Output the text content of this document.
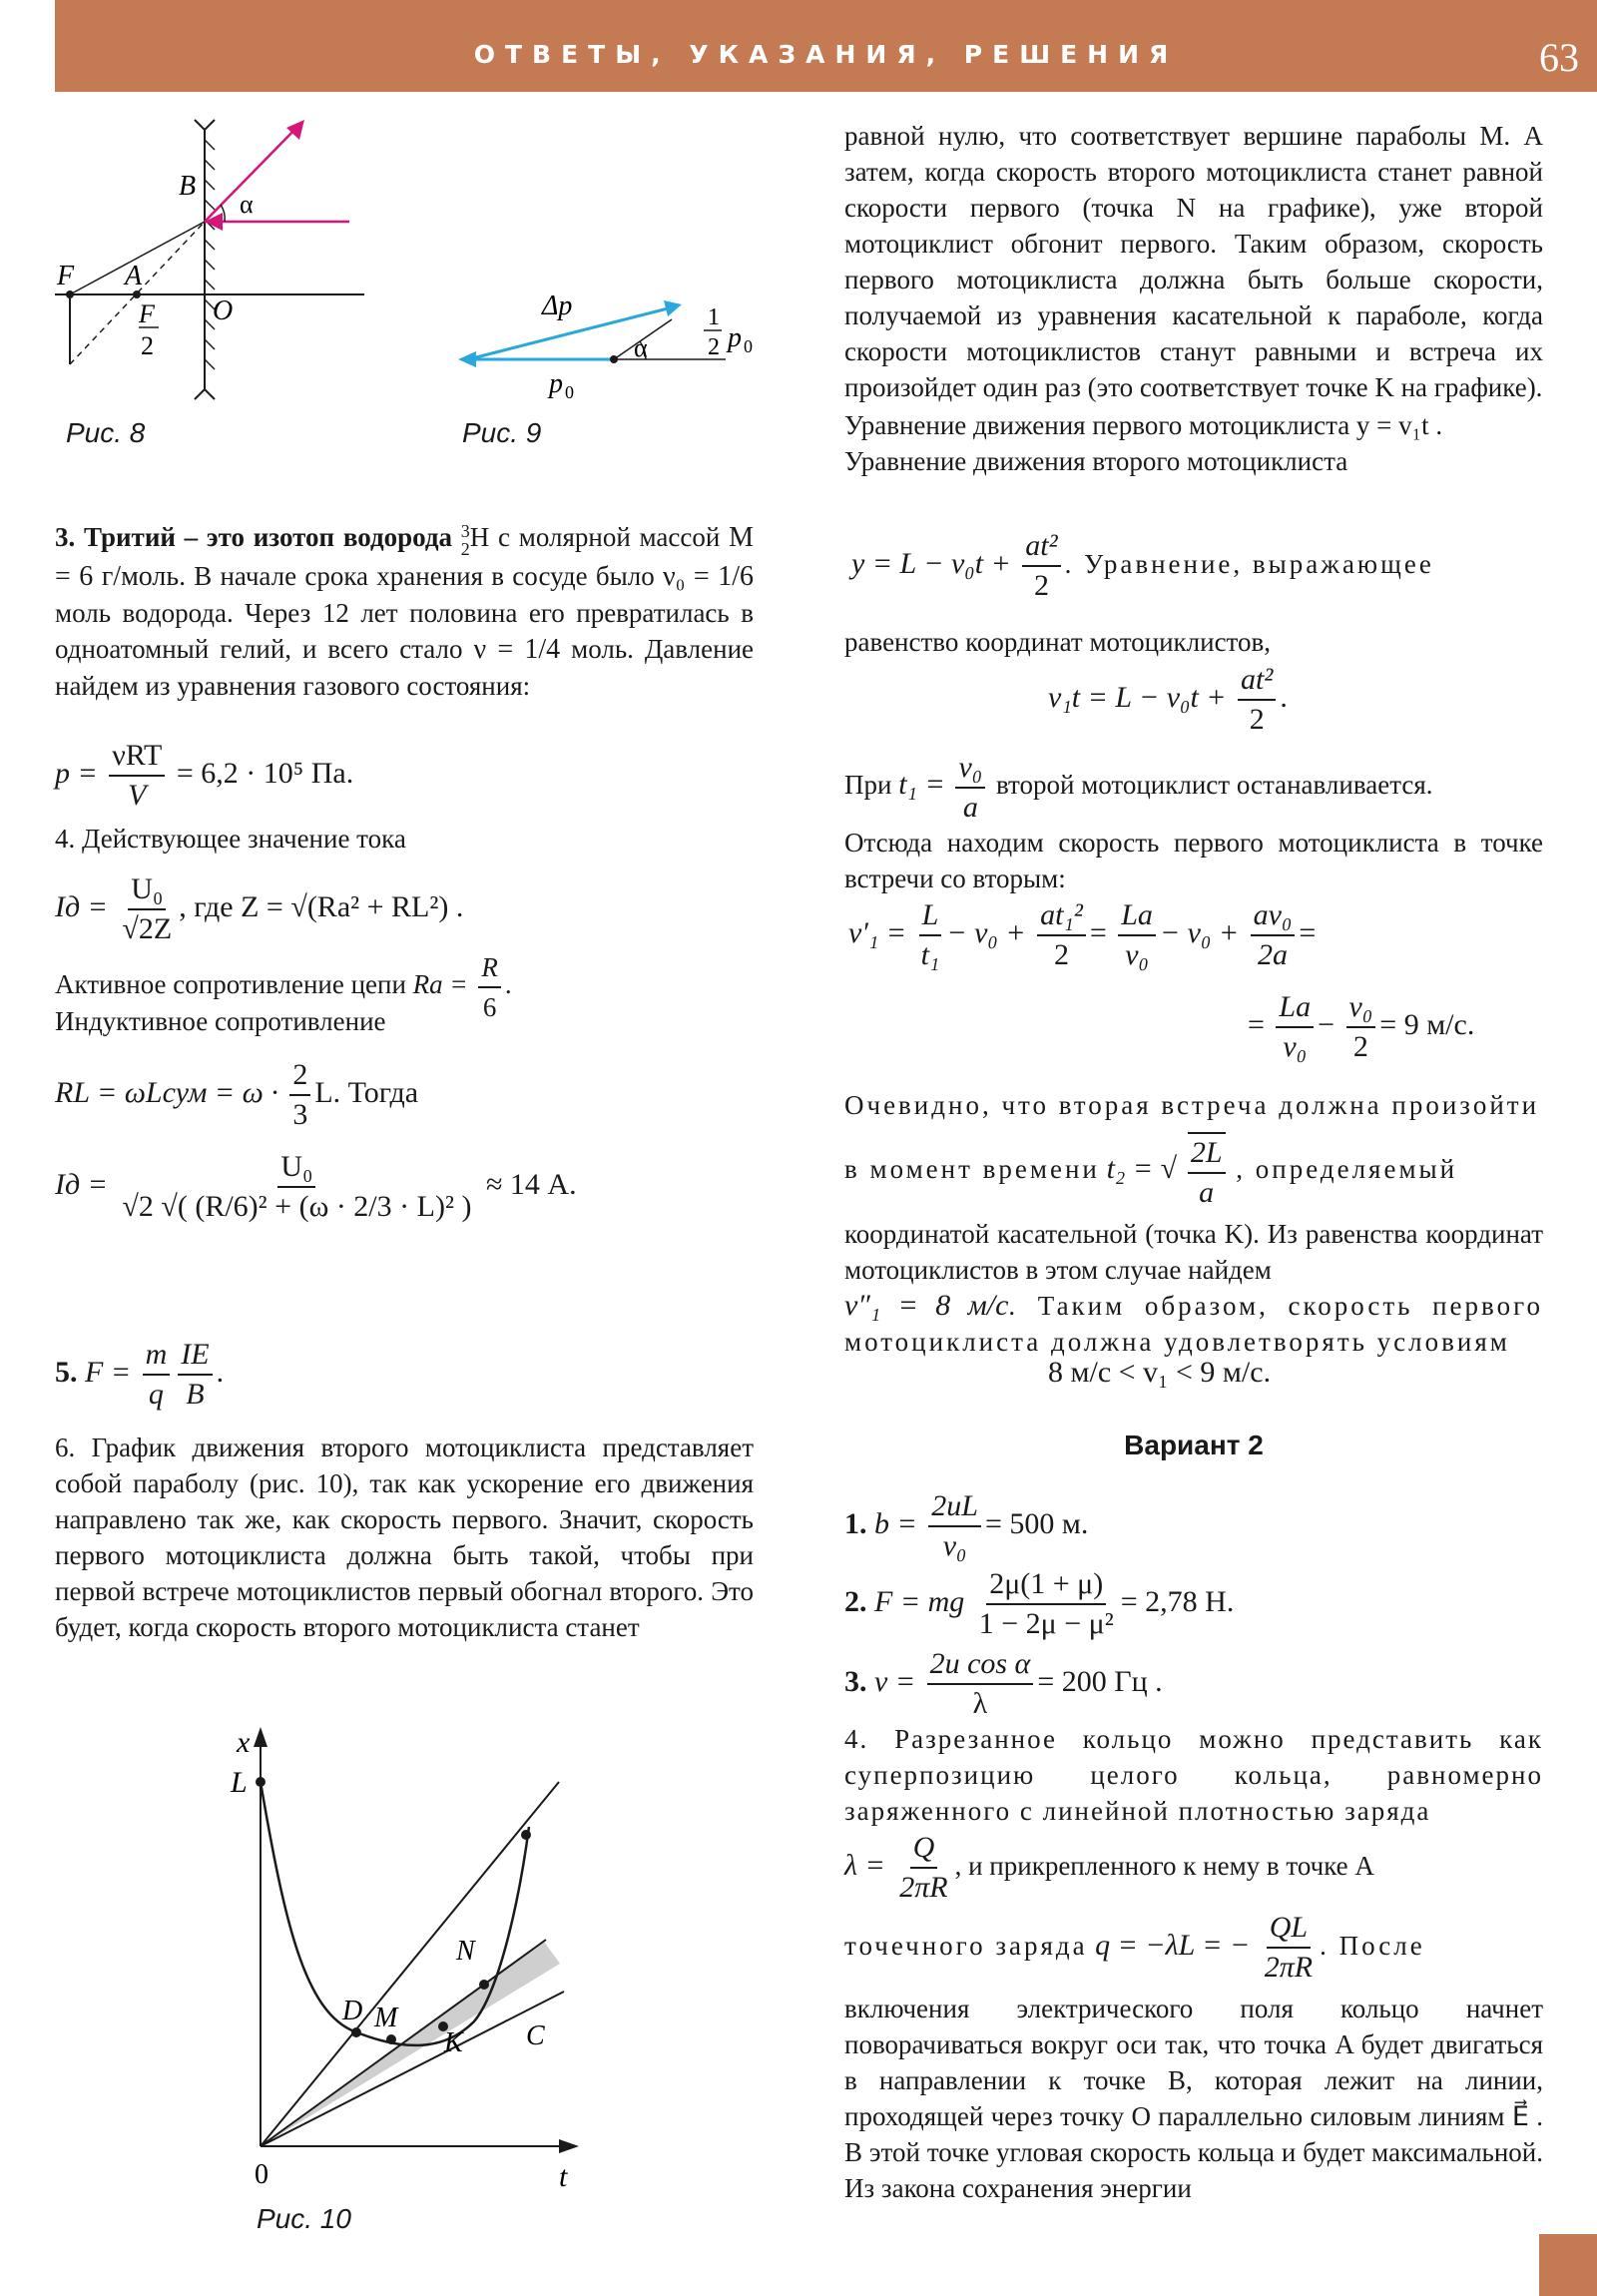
ОТВЕТЫ, УКАЗАНИЯ, РЕШЕНИЯ	63
B
α
F A
O
F
2
Рис. 8
Δp
α
1
2 p 0
p 0
Рис. 9

3. Тритий – это изотоп водорода 3
2 H с молярной массой M = 6 г/моль. В начале срока хранения в сосуде было ν₀ = 1/6 моль водорода. Через 12 лет половина его превратилась в одноатомный гелий, и всего стало ν = 1/4 моль. Давление найдем из уравнения газового состояния:

$p = \frac{\text{νRT}}{V} = 6,2 \cdot 10^5$ Па.
4. Действующее значение тока
Iд = $\frac{\text{U₀}}{√2Z}$ , где Z = √(Rа² + RL²) .
Активное сопротивление цепи Rа = $\frac{R}{6}$ .
Индуктивное сопротивление
RL = ωLсум = $\omega \cdot \frac{2}{3} L$. Тогда
Iд = $\frac{\text{U₀}}{\text{√2 √( (R/6)² + (ω · 2/3 · L)² )}} \approx 14$ А.
5. $F = \frac{m}{q} \frac{IE}{B}$ .

6. График движения второго мотоциклиста представляет собой параболу (рис. 10), так как ускорение его движения направлено так же, как скорость первого. Значит, скорость первого мотоциклиста должна быть такой, чтобы при первой встрече мотоциклистов первый обогнал второго. Это будет, когда скорость второго мотоциклиста станет

x
L
D M
N
K C
0	t
Рис. 10

равной нулю, что соответствует вершине параболы M. А затем, когда скорость второго мотоциклиста станет равной скорости первого (точка N на графике), уже второй мотоциклист обгонит первого. Таким образом, скорость первого мотоциклиста должна быть больше скорости, получаемой из уравнения касательной к параболе, когда скорости мотоциклистов станут равными и встреча их произойдет один раз (это соответствует точке K на графике).

Уравнение движения первого мотоциклиста y = v₁t .

Уравнение движения второго мотоциклиста

$y = L - v_0t + \frac{\text{at²}}{2}$ . Уравнение, выражающее
равенство координат мотоциклистов,
$v_1t = L - v_0t + \frac{\text{at²}}{2}$ .
При $t_1 = \frac{\text{v₀}}{a}$ второй мотоциклист останавливается.

Отсюда находим скорость первого мотоциклиста в точке встречи со вторым:

$v'_1 = \frac{L}{\text{t₁}} - v_0 + \frac{\text{at₁²}}{2} = \frac{La}{\text{v₀}} - v_0 + \frac{\text{av₀}}{2a}$ =
= $\frac{La}{\text{v₀}} - \frac{\text{v₀}}{2} = 9$ м/с.
Очевидно, что вторая встреча должна произойти
в момент времени t₂ = √ $\frac{2L}{a}$ , определяемый

координатой касательной (точка K). Из равенства координат мотоциклистов в этом случае найдем

v″₁ = 8 м/с. Таким образом, скорость первого мотоциклиста должна удовлетворять условиям

8 м/с < v₁ < 9 м/с.
Вариант 2
1. $b = \frac{2uL}{\text{v₀}} = 500$ м.
2. F = mg $\frac{2\mu(1 + \mu)}{\text{1 − 2μ − μ²}} = 2,78$ Н.
3. $\nu = \frac{\text{2u cos α}}{\lambda} = 200$ Гц .

4. Разрезанное кольцо можно представить как суперпозицию целого кольца, равномерно заряженного с линейной плотностью заряда

$\lambda = \frac{Q}{2\pi R}$ , и прикрепленного к нему в точке A
точечного заряда q = −λL = − $\frac{QL}{2\pi R}$ . После

включения электрического поля кольцо начнет поворачиваться вокруг оси так, что точка A будет двигаться в направлении к точке B, которая лежит на линии, проходящей через точку O параллельно силовым линиям E⃗ . В этой точке угловая скорость кольца и будет максимальной. Из закона сохранения энергии
